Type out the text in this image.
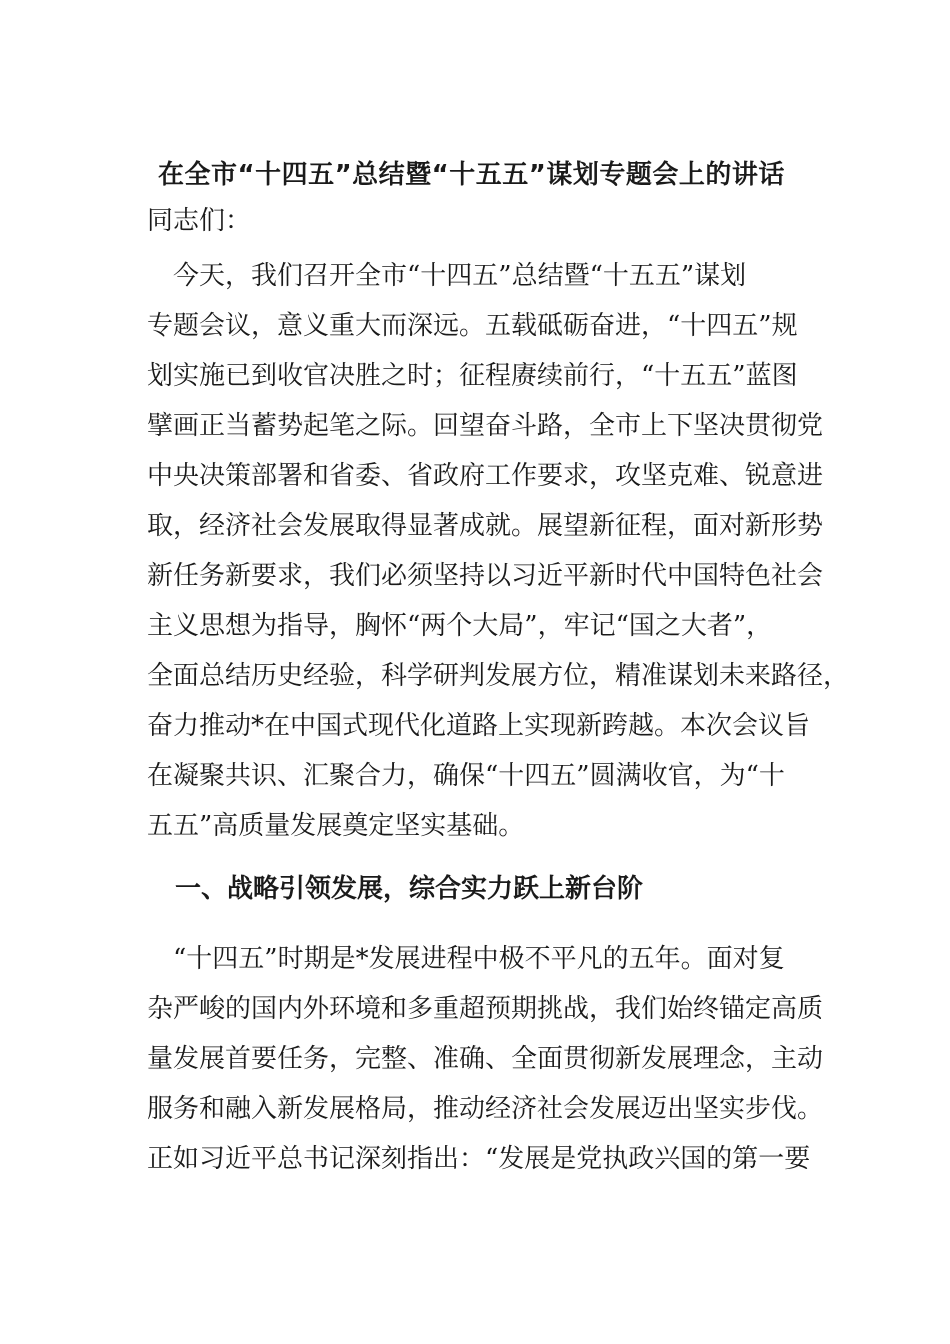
在全市“十四五”总结暨“十五五”谋划专题会上的讲话
同志们：
　今天，我们召开全市“十四五”总结暨“十五五”谋划
专题会议，意义重大而深远。五载砥砺奋进，“十四五”规
划实施已到收官决胜之时；征程赓续前行，“十五五”蓝图
擘画正当蓄势起笔之际。回望奋斗路，全市上下坚决贯彻党
中央决策部署和省委、省政府工作要求，攻坚克难、锐意进
取，经济社会发展取得显著成就。展望新征程，面对新形势
新任务新要求，我们必须坚持以习近平新时代中国特色社会
主义思想为指导，胸怀“两个大局”，牢记“国之大者”，
全面总结历史经验，科学研判发展方位，精准谋划未来路径，
奋力推动*在中国式现代化道路上实现新跨越。本次会议旨
在凝聚共识、汇聚合力，确保“十四五”圆满收官，为“十
五五”高质量发展奠定坚实基础。
一、战略引领发展，综合实力跃上新台阶
　“十四五”时期是*发展进程中极不平凡的五年。面对复
杂严峻的国内外环境和多重超预期挑战，我们始终锚定高质
量发展首要任务，完整、准确、全面贯彻新发展理念，主动
服务和融入新发展格局，推动经济社会发展迈出坚实步伐。
正如习近平总书记深刻指出：“发展是党执政兴国的第一要
